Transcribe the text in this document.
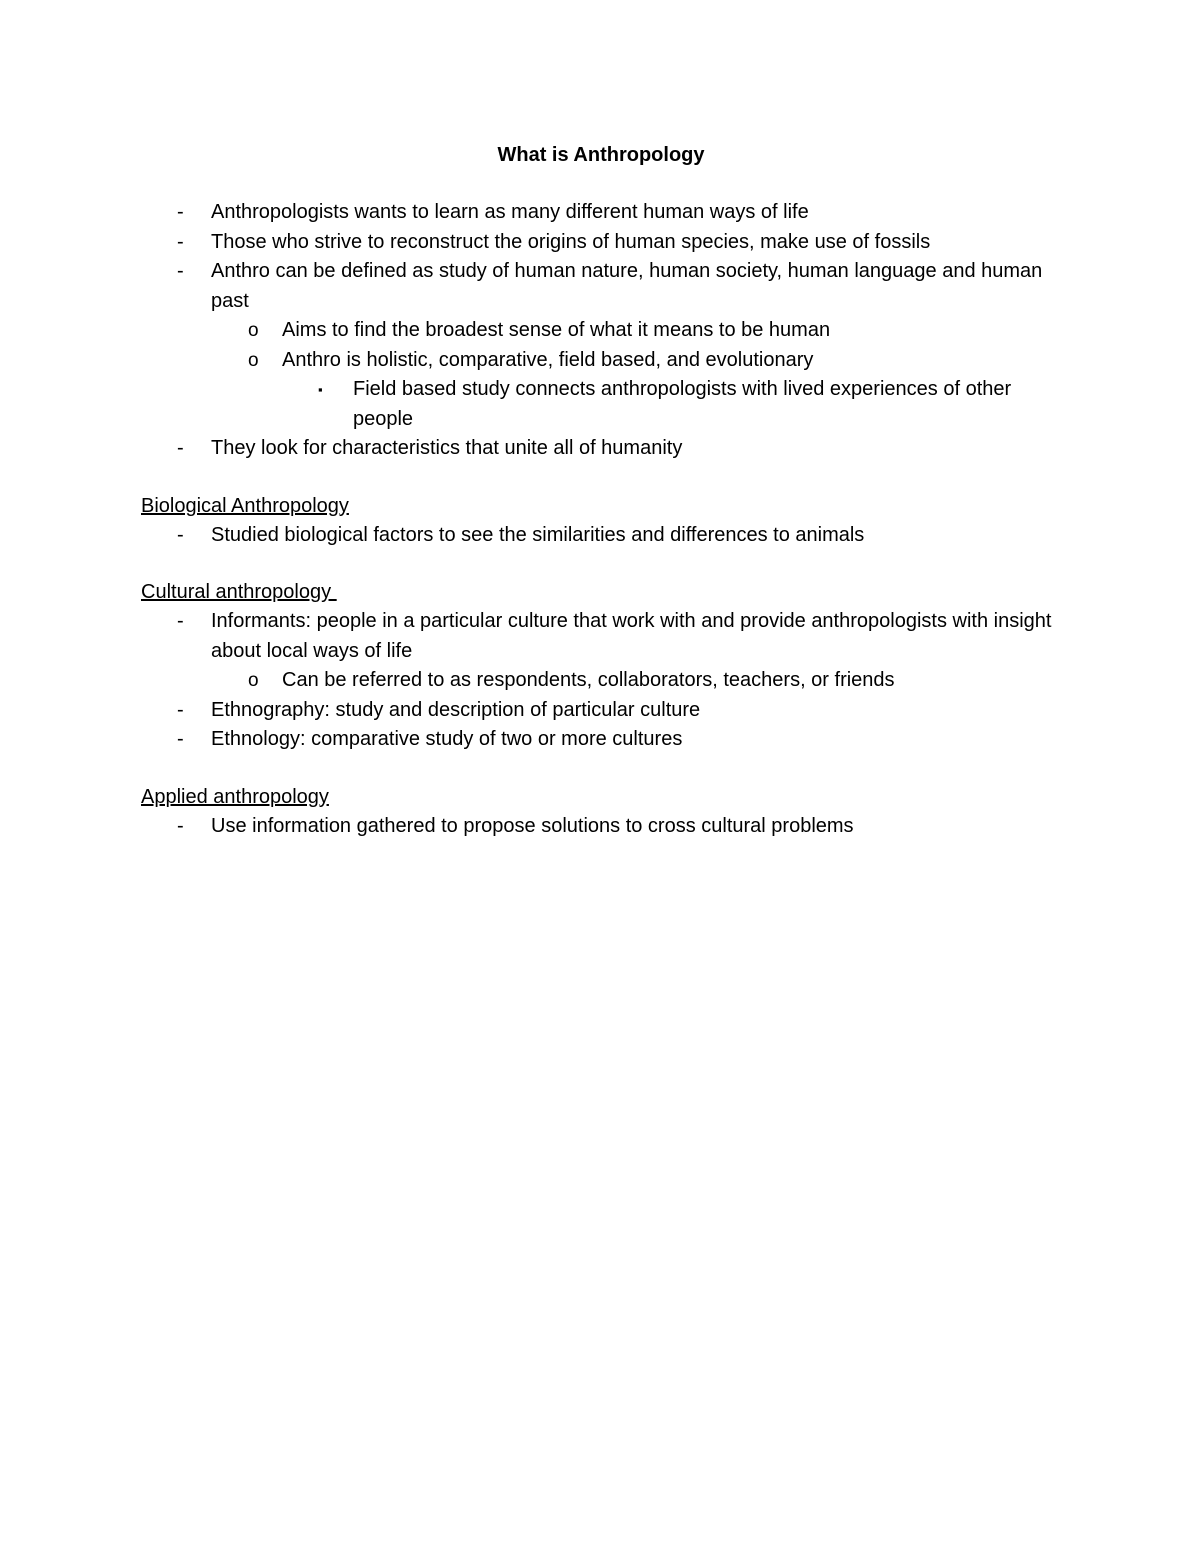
What is Anthropology
- Anthropologists wants to learn as many different human ways of life
- Those who strive to reconstruct the origins of human species, make use of fossils
- Anthro can be defined as study of human nature, human society, human language and human past
o Aims to find the broadest sense of what it means to be human
o Anthro is holistic, comparative, field based, and evolutionary
▪ Field based study connects anthropologists with lived experiences of other people
- They look for characteristics that unite all of humanity
Biological Anthropology
- Studied biological factors to see the similarities and differences to animals
Cultural anthropology
- Informants: people in a particular culture that work with and provide anthropologists with insight about local ways of life
o Can be referred to as respondents, collaborators, teachers, or friends
- Ethnography: study and description of particular culture
- Ethnology: comparative study of two or more cultures
Applied anthropology
- Use information gathered to propose solutions to cross cultural problems
